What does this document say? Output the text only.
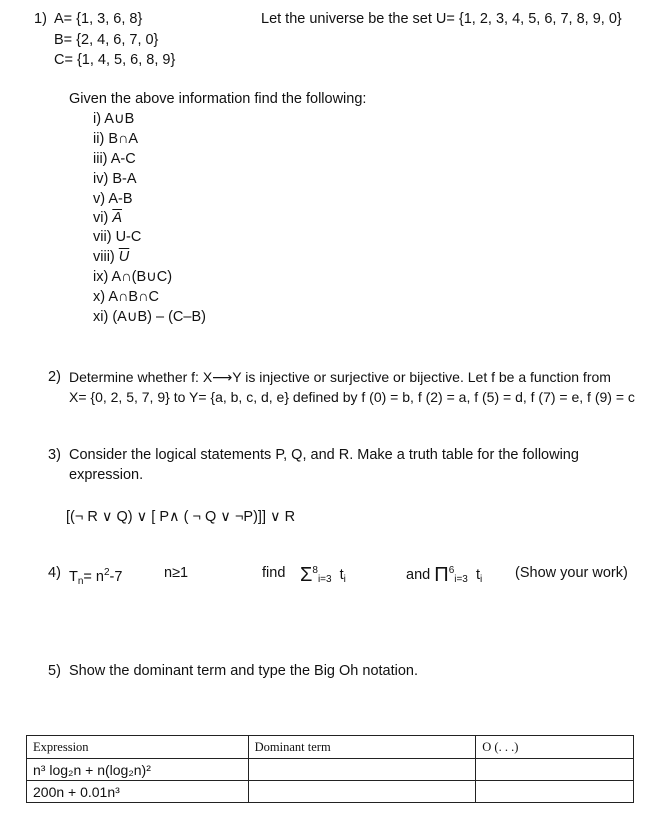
1) A= {1, 3, 6, 8}
B= {2, 4, 6, 7, 0}
C= {1, 4, 5, 6, 8, 9}
Let the universe be the set U= {1, 2, 3, 4, 5, 6, 7, 8, 9, 0}
Given the above information find the following:
i) A∪B
ii) B∩A
iii) A-C
iv) B-A
v) A-B
vi) $\overline{A}$
vii) U-C
viii) $\overline{U}$
ix) A∩(B∪C)
x) A∩B∩C
xi) (A∪B) – (C–B)
2) Determine whether f: X⟶Y is injective or surjective or bijective. Let f be a function from
X= {0, 2, 5, 7, 9} to Y= {a, b, c, d, e} defined by f (0) = b, f (2) = a, f (5) = d, f (7) = e, f (9) = c
3) Consider the logical statements P, Q, and R. Make a truth table for the following
expression.
[(¬ R ∨ Q) ∨ [ P∧ ( ¬ Q ∨ ¬P)]] ∨ R
4) $T_n= n^2-7$	n≥1	find $\Sigma^8_{i=3}$ $t_i$	and $\Pi^6_{i=3}$ $t_i$ (Show your work)
5) Show the dominant term and type the Big Oh notation.
Expression	Dominant term	O (. . .)
n³ log₂n + n(log₂n)²		
200n + 0.01n³		
